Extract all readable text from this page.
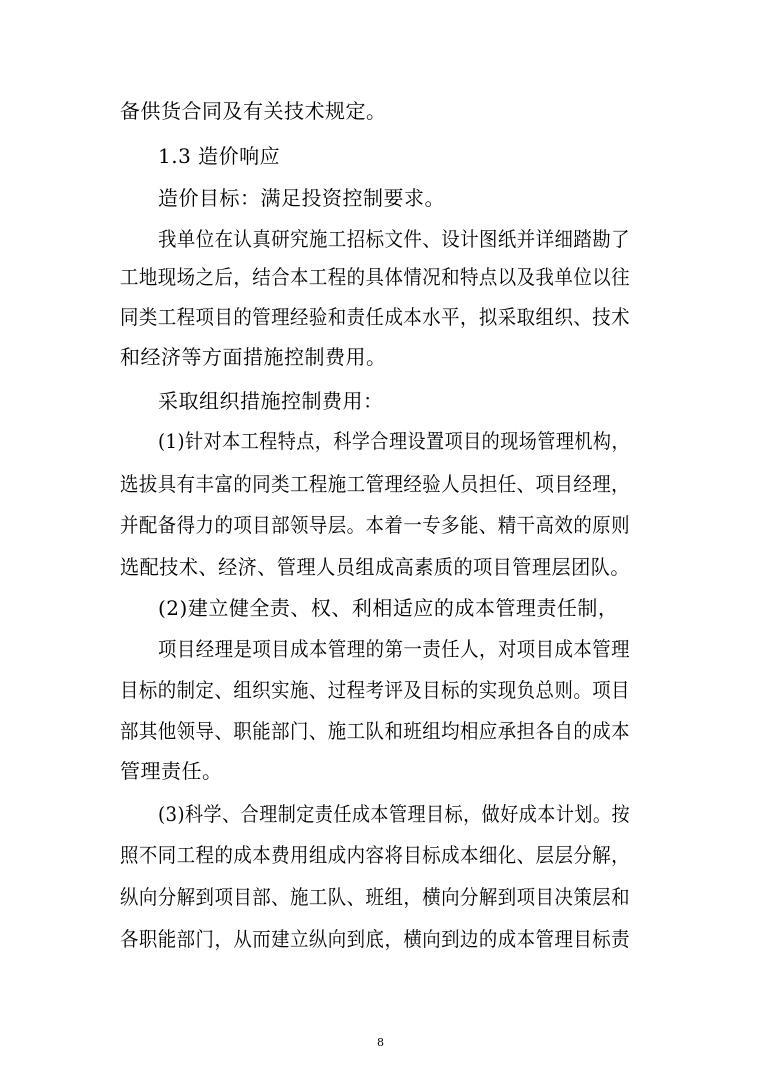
备供货合同及有关技术规定。
1.3 造价响应
造价目标：满足投资控制要求。
我单位在认真研究施工招标文件、设计图纸并详细踏勘了
工地现场之后，结合本工程的具体情况和特点以及我单位以往
同类工程项目的管理经验和责任成本水平，拟采取组织、技术
和经济等方面措施控制费用。
采取组织措施控制费用：
(1)针对本工程特点，科学合理设置项目的现场管理机构，
选拔具有丰富的同类工程施工管理经验人员担任、项目经理，
并配备得力的项目部领导层。本着一专多能、精干高效的原则
选配技术、经济、管理人员组成高素质的项目管理层团队。
(2)建立健全责、权、利相适应的成本管理责任制，
项目经理是项目成本管理的第一责任人，对项目成本管理
目标的制定、组织实施、过程考评及目标的实现负总则。项目
部其他领导、职能部门、施工队和班组均相应承担各自的成本
管理责任。
(3)科学、合理制定责任成本管理目标，做好成本计划。按
照不同工程的成本费用组成内容将目标成本细化、层层分解，
纵向分解到项目部、施工队、班组，横向分解到项目决策层和
各职能部门，从而建立纵向到底，横向到边的成本管理目标责
8
